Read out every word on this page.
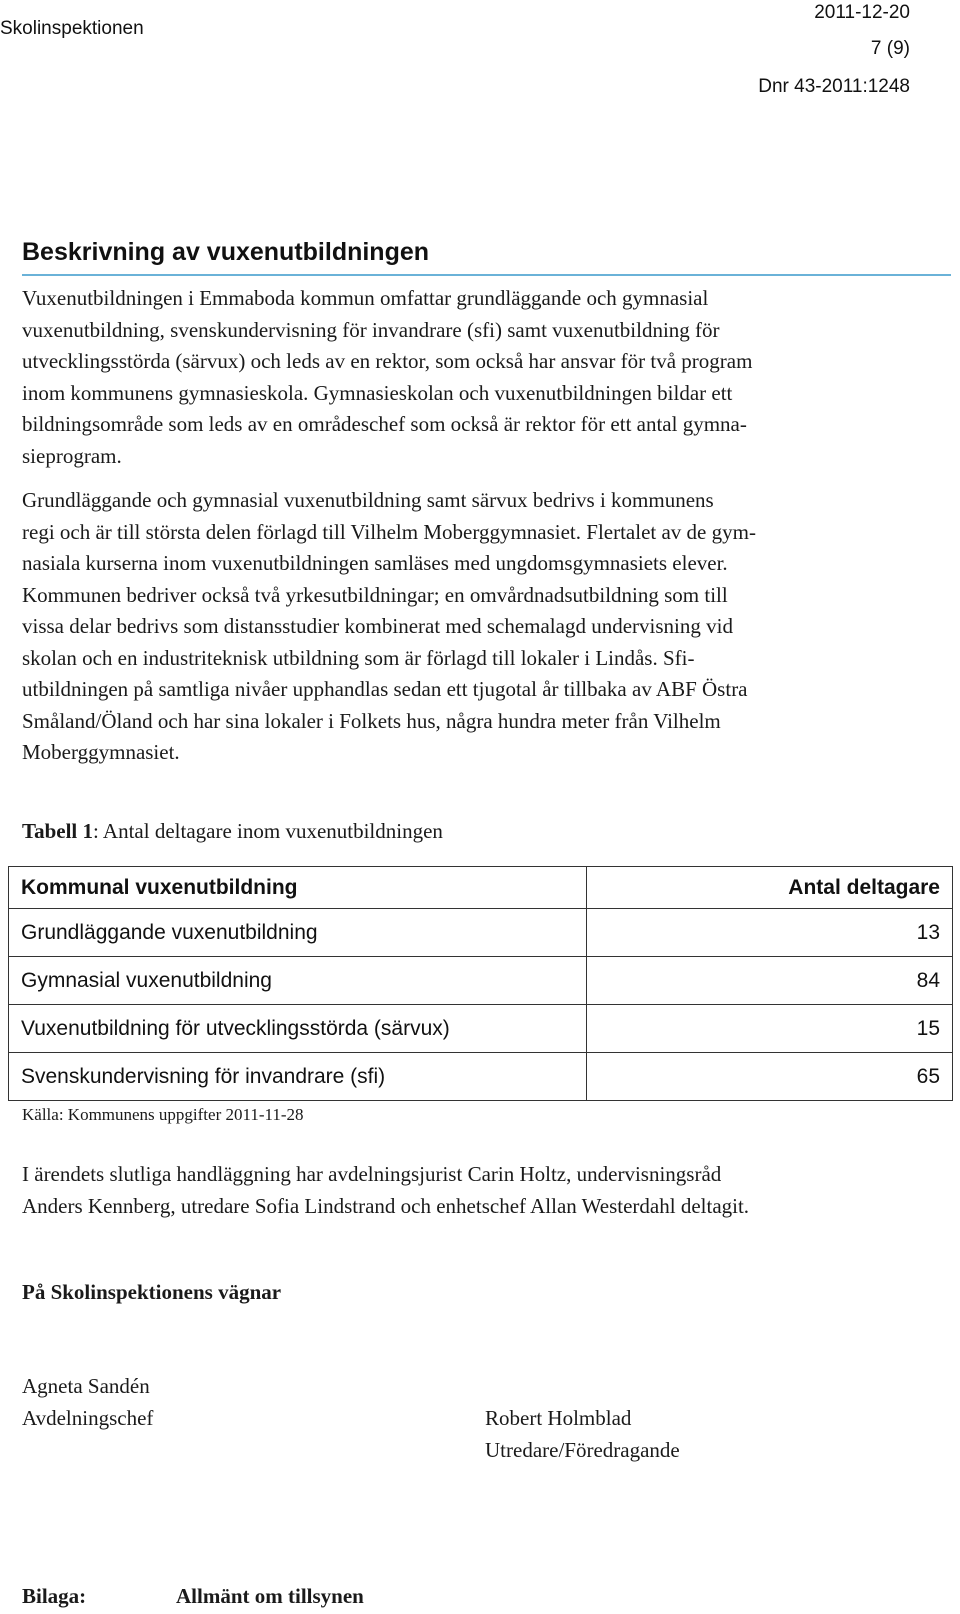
Skolinspektionen
2011-12-20
7 (9)
Dnr 43-2011:1248
Beskrivning av vuxenutbildningen

Vuxenutbildningen i Emmaboda kommun omfattar grundläggande och gymnasial

vuxenutbildning, svenskundervisning för invandrare (sfi) samt vuxenutbildning för

utvecklingsstörda (särvux) och leds av en rektor, som också har ansvar för två program

inom kommunens gymnasieskola. Gymnasieskolan och vuxenutbildningen bildar ett

bildningsområde som leds av en områdeschef som också är rektor för ett antal gymna-

sieprogram.

Grundläggande och gymnasial vuxenutbildning samt särvux bedrivs i kommunens

regi och är till största delen förlagd till Vilhelm Moberggymnasiet. Flertalet av de gym-

nasiala kurserna inom vuxenutbildningen samläses med ungdomsgymnasiets elever.

Kommunen bedriver också två yrkesutbildningar; en omvårdnadsutbildning som till

vissa delar bedrivs som distansstudier kombinerat med schemalagd undervisning vid

skolan och en industriteknisk utbildning som är förlagd till lokaler i Lindås. Sfi-

utbildningen på samtliga nivåer upphandlas sedan ett tjugotal år tillbaka av ABF Östra

Småland/Öland och har sina lokaler i Folkets hus, några hundra meter från Vilhelm

Moberggymnasiet.

Tabell 1: Antal deltagare inom vuxenutbildningen
Kommunal vuxenutbildning	Antal deltagare
Grundläggande vuxenutbildning	13
Gymnasial vuxenutbildning	84
Vuxenutbildning för utvecklingsstörda (särvux)	15
Svenskundervisning för invandrare (sfi)	65
Källa: Kommunens uppgifter 2011-11-28

I ärendets slutliga handläggning har avdelningsjurist Carin Holtz, undervisningsråd

Anders Kennberg, utredare Sofia Lindstrand och enhetschef Allan Westerdahl deltagit.

På Skolinspektionens vägnar
Agneta Sandén
Avdelningschef	Robert Holmblad
Utredare/Föredragande
Bilaga:	Allmänt om tillsynen
